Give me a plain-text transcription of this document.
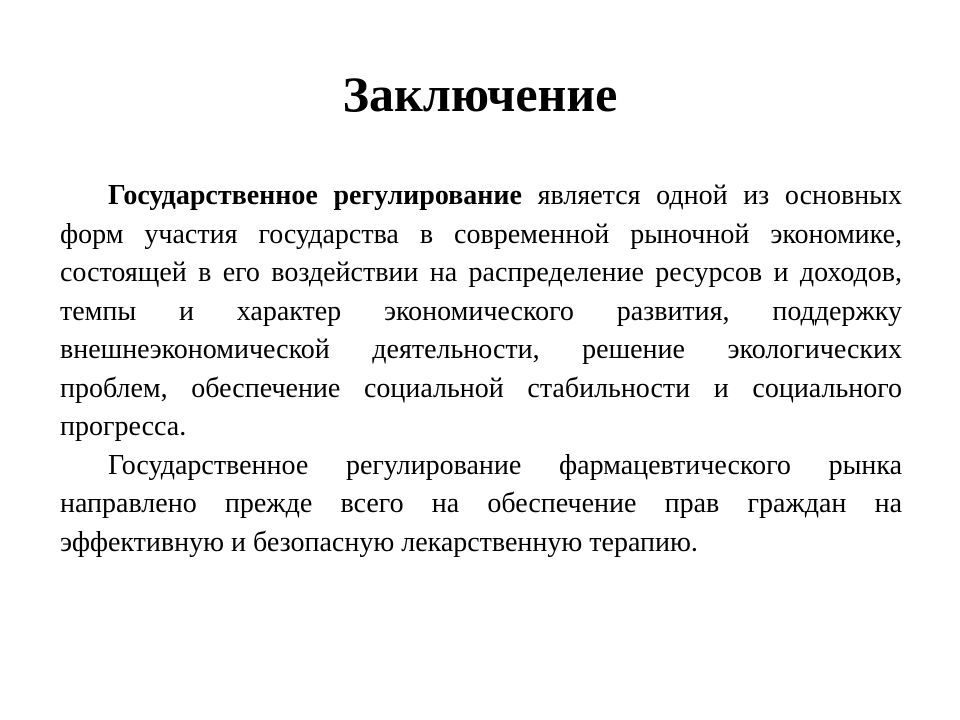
Заключение

Государственное регулирование является одной из основных форм участия государства в современной рыночной экономике, состоящей в его воздействии на распределение ресурсов и доходов, темпы и характер экономического развития, поддержку внешнеэкономической деятельности, решение экологических проблем, обеспечение социальной стабильности и социального прогресса.

Государственное регулирование фармацевтического рынка направлено прежде всего на обеспечение прав граждан на эффективную и безопасную лекарственную терапию.
